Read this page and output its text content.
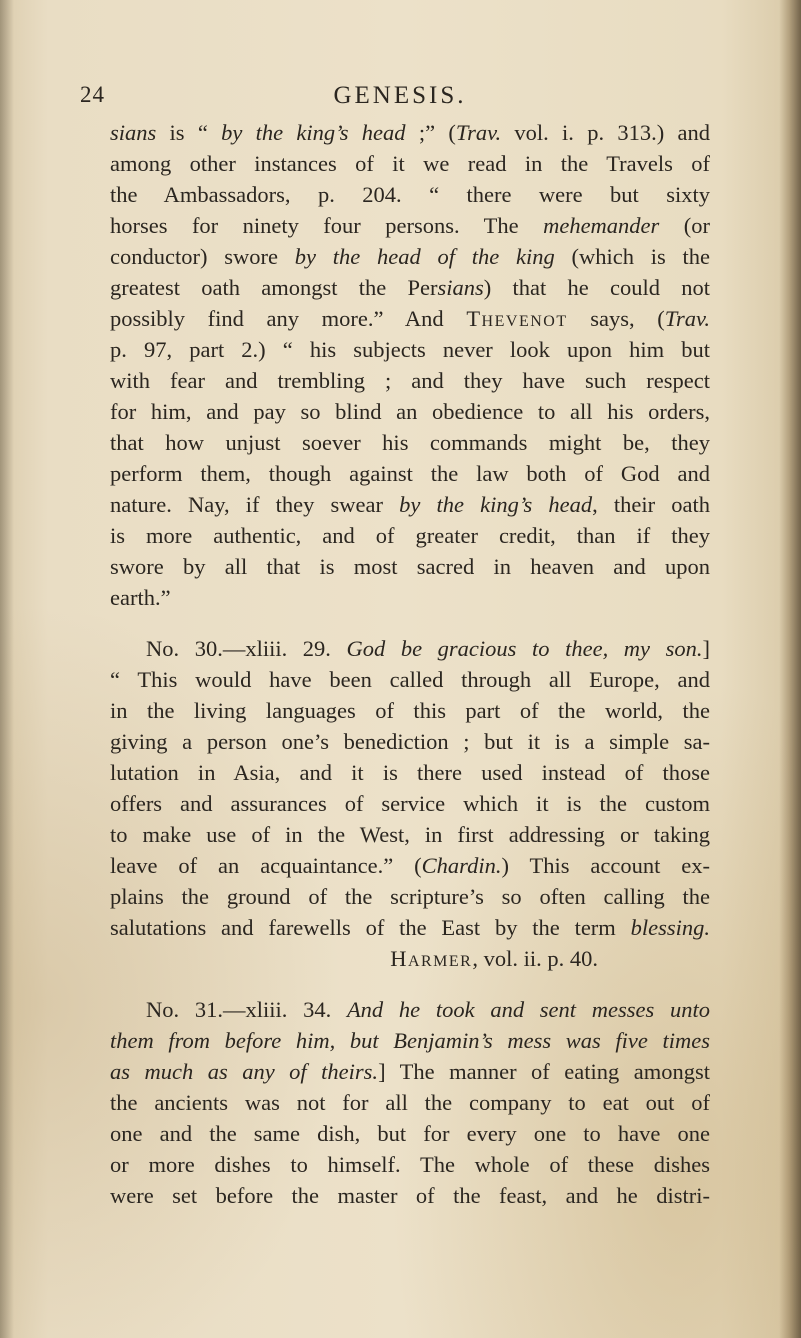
24	GENESIS.
sians is “ by the king’s head ;” (Trav. vol. i. p. 313.) and
among other instances of it we read in the Travels of
the Ambassadors, p. 204. “ there were but sixty
horses for ninety four persons. The mehemander (or
conductor) swore by the head of the king (which is the
greatest oath amongst the Persians) that he could not
possibly find any more.” And Thevenot says, (Trav.
p. 97, part 2.) “ his subjects never look upon him but
with fear and trembling ; and they have such respect
for him, and pay so blind an obedience to all his orders,
that how unjust soever his commands might be, they
perform them, though against the law both of God and
nature. Nay, if they swear by the king’s head, their oath
is more authentic, and of greater credit, than if they
swore by all that is most sacred in heaven and upon
earth.”
No. 30.—xliii. 29. God be gracious to thee, my son.]
“ This would have been called through all Europe, and
in the living languages of this part of the world, the
giving a person one’s benediction ; but it is a simple sa-
lutation in Asia, and it is there used instead of those
offers and assurances of service which it is the custom
to make use of in the West, in first addressing or taking
leave of an acquaintance.” (Chardin.) This account ex-
plains the ground of the scripture’s so often calling the
salutations and farewells of the East by the term blessing.
Harmer, vol. ii. p. 40.
No. 31.—xliii. 34. And he took and sent messes unto
them from before him, but Benjamin’s mess was five times
as much as any of theirs.] The manner of eating amongst
the ancients was not for all the company to eat out of
one and the same dish, but for every one to have one
or more dishes to himself. The whole of these dishes
were set before the master of the feast, and he distri-
